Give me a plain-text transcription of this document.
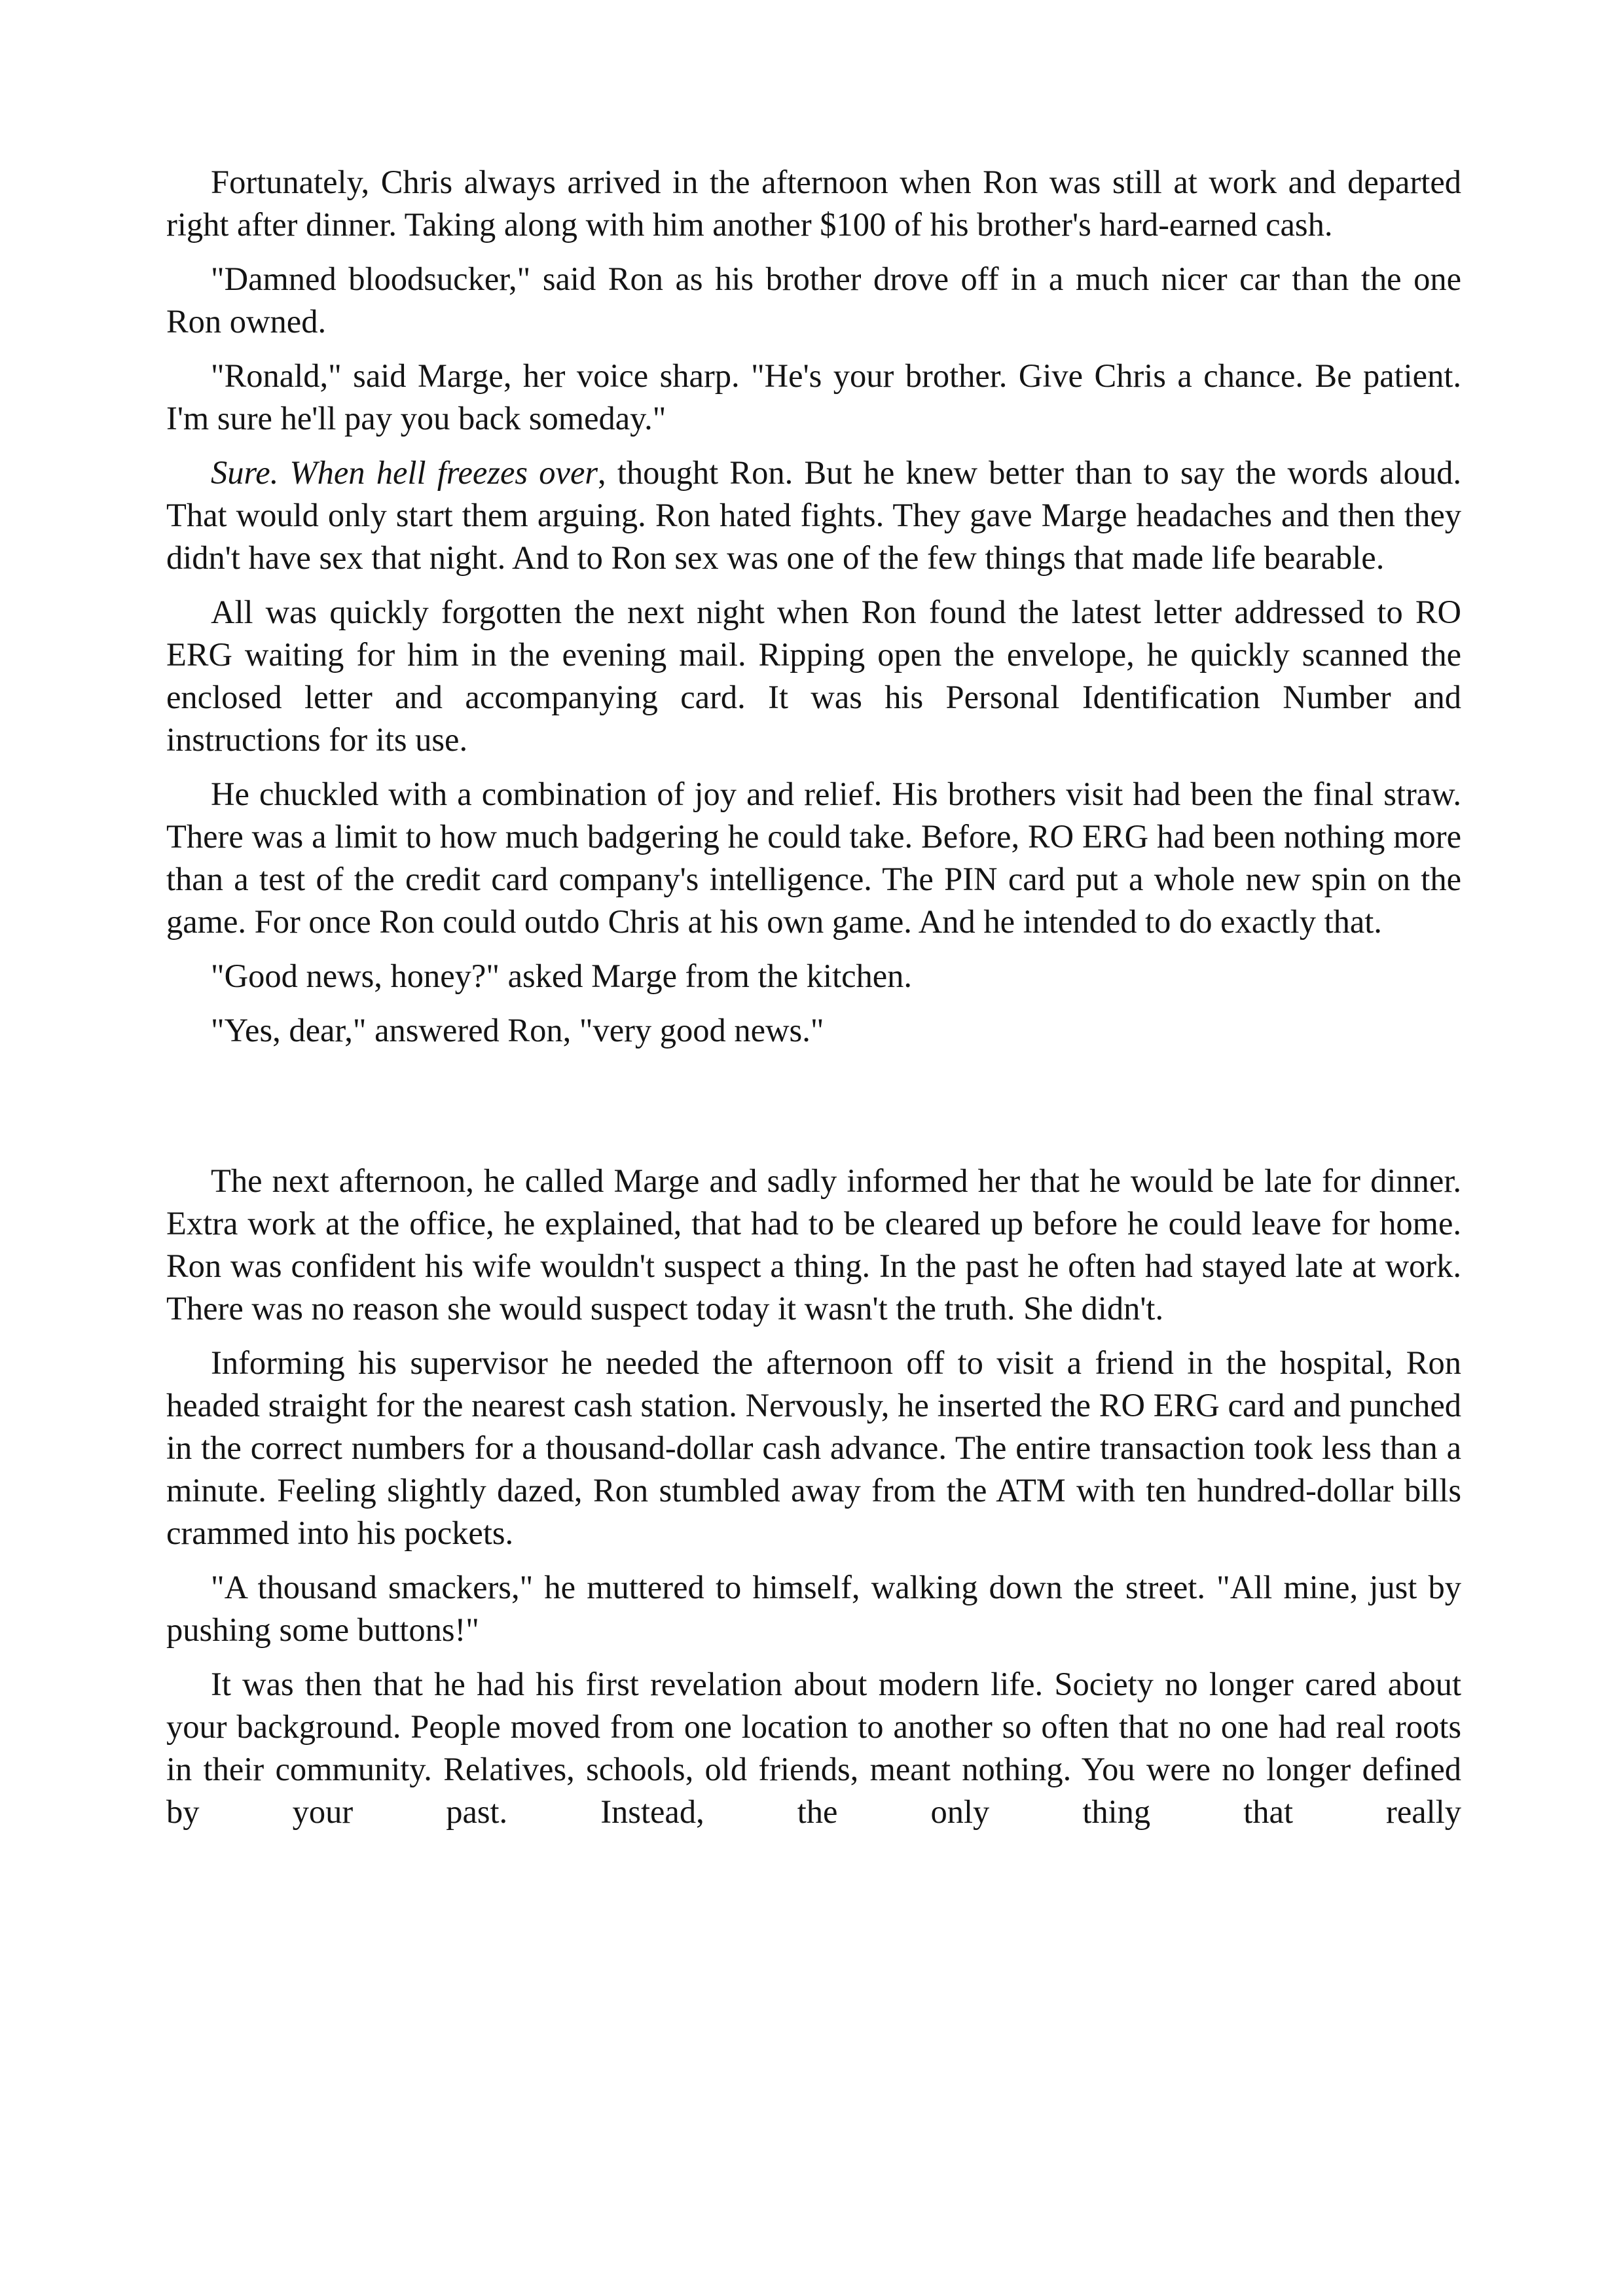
Fortunately, Chris always arrived in the afternoon when Ron was still at work and departed right after dinner. Taking along with him another $100 of his brother's hard-earned cash.

"Damned bloodsucker," said Ron as his brother drove off in a much nicer car than the one Ron owned.

"Ronald," said Marge, her voice sharp. "He's your brother. Give Chris a chance. Be patient. I'm sure he'll pay you back someday."

Sure. When hell freezes over, thought Ron. But he knew better than to say the words aloud. That would only start them arguing. Ron hated fights. They gave Marge headaches and then they didn't have sex that night. And to Ron sex was one of the few things that made life bearable.

All was quickly forgotten the next night when Ron found the latest letter addressed to RO ERG waiting for him in the evening mail. Ripping open the envelope, he quickly scanned the enclosed letter and accompanying card. It was his Personal Identification Number and instructions for its use.

He chuckled with a combination of joy and relief. His brothers visit had been the final straw. There was a limit to how much badgering he could take. Before, RO ERG had been nothing more than a test of the credit card company's intelligence. The PIN card put a whole new spin on the game. For once Ron could outdo Chris at his own game. And he intended to do exactly that.

"Good news, honey?" asked Marge from the kitchen.

"Yes, dear," answered Ron, "very good news."

The next afternoon, he called Marge and sadly informed her that he would be late for dinner. Extra work at the office, he explained, that had to be cleared up before he could leave for home. Ron was confident his wife wouldn't suspect a thing. In the past he often had stayed late at work. There was no reason she would suspect today it wasn't the truth. She didn't.

Informing his supervisor he needed the afternoon off to visit a friend in the hospital, Ron headed straight for the nearest cash station. Nervously, he inserted the RO ERG card and punched in the correct numbers for a thousand-dollar cash advance. The entire transaction took less than a minute. Feeling slightly dazed, Ron stumbled away from the ATM with ten hundred-dollar bills crammed into his pockets.

"A thousand smackers," he muttered to himself, walking down the street. "All mine, just by pushing some buttons!"

It was then that he had his first revelation about modern life. Society no longer cared about your background. People moved from one location to another so often that no one had real roots in their community. Relatives, schools, old friends, meant nothing. You were no longer defined by your past. Instead, the only thing that really
